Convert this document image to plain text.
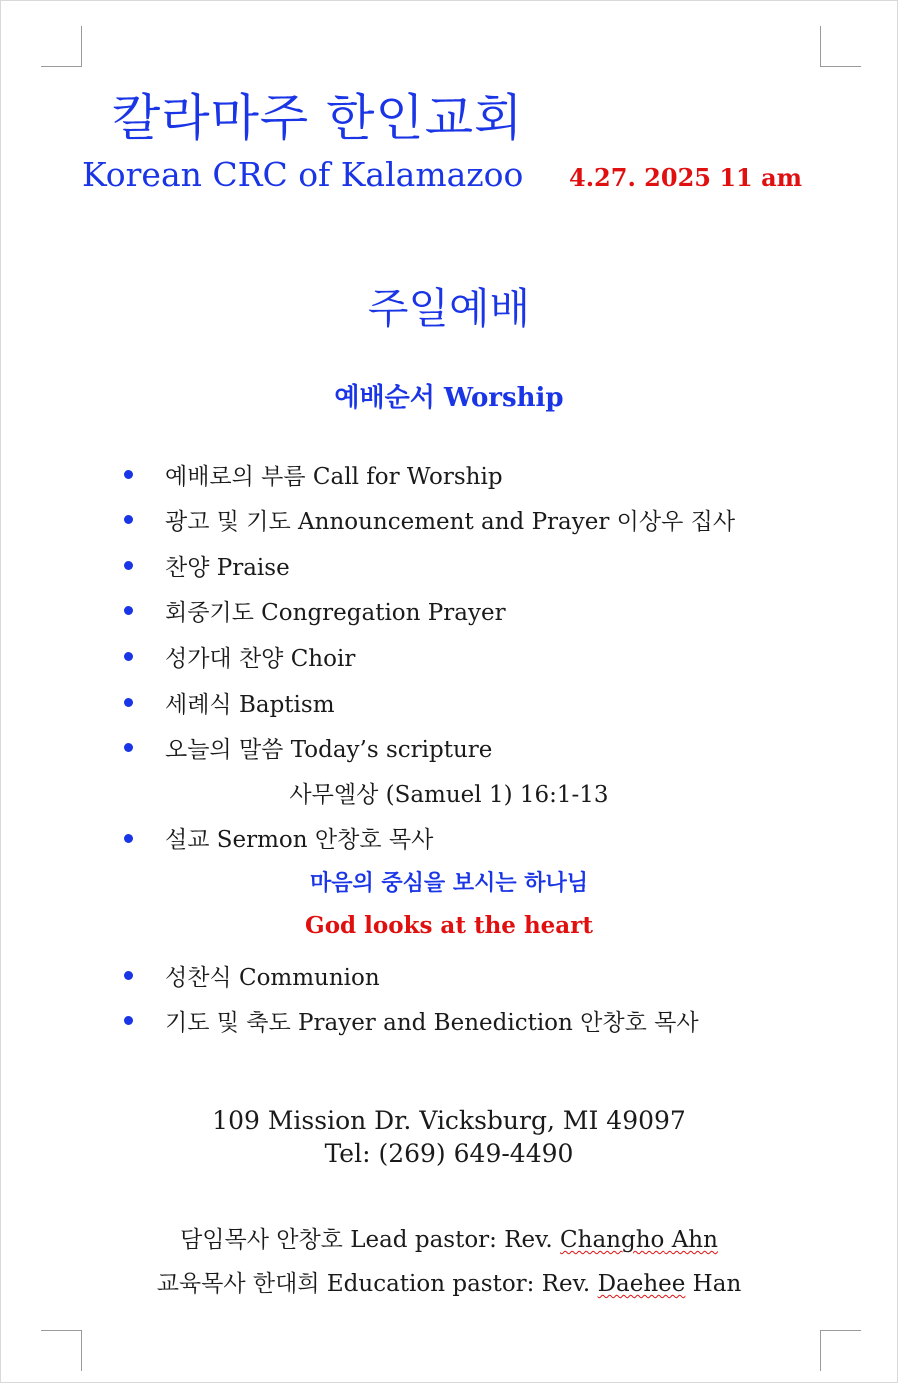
칼라마주 한인교회
Korean CRC of Kalamazoo 4.27. 2025 11 am
주일예배
예배순서 Worship
예배로의 부름 Call for Worship
광고 및 기도 Announcement and Prayer 이상우 집사
찬양 Praise
회중기도 Congregation Prayer
성가대 찬양 Choir
세례식 Baptism
오늘의 말씀 Today’s scripture
사무엘상 (Samuel 1) 16:1-13
설교 Sermon 안창호 목사
마음의 중심을 보시는 하나님
God looks at the heart
성찬식 Communion
기도 및 축도 Prayer and Benediction 안창호 목사
109 Mission Dr. Vicksburg, MI 49097
Tel: (269) 649-4490
담임목사 안창호 Lead pastor: Rev. Changho Ahn
교육목사 한대희 Education pastor: Rev. Daehee Han
